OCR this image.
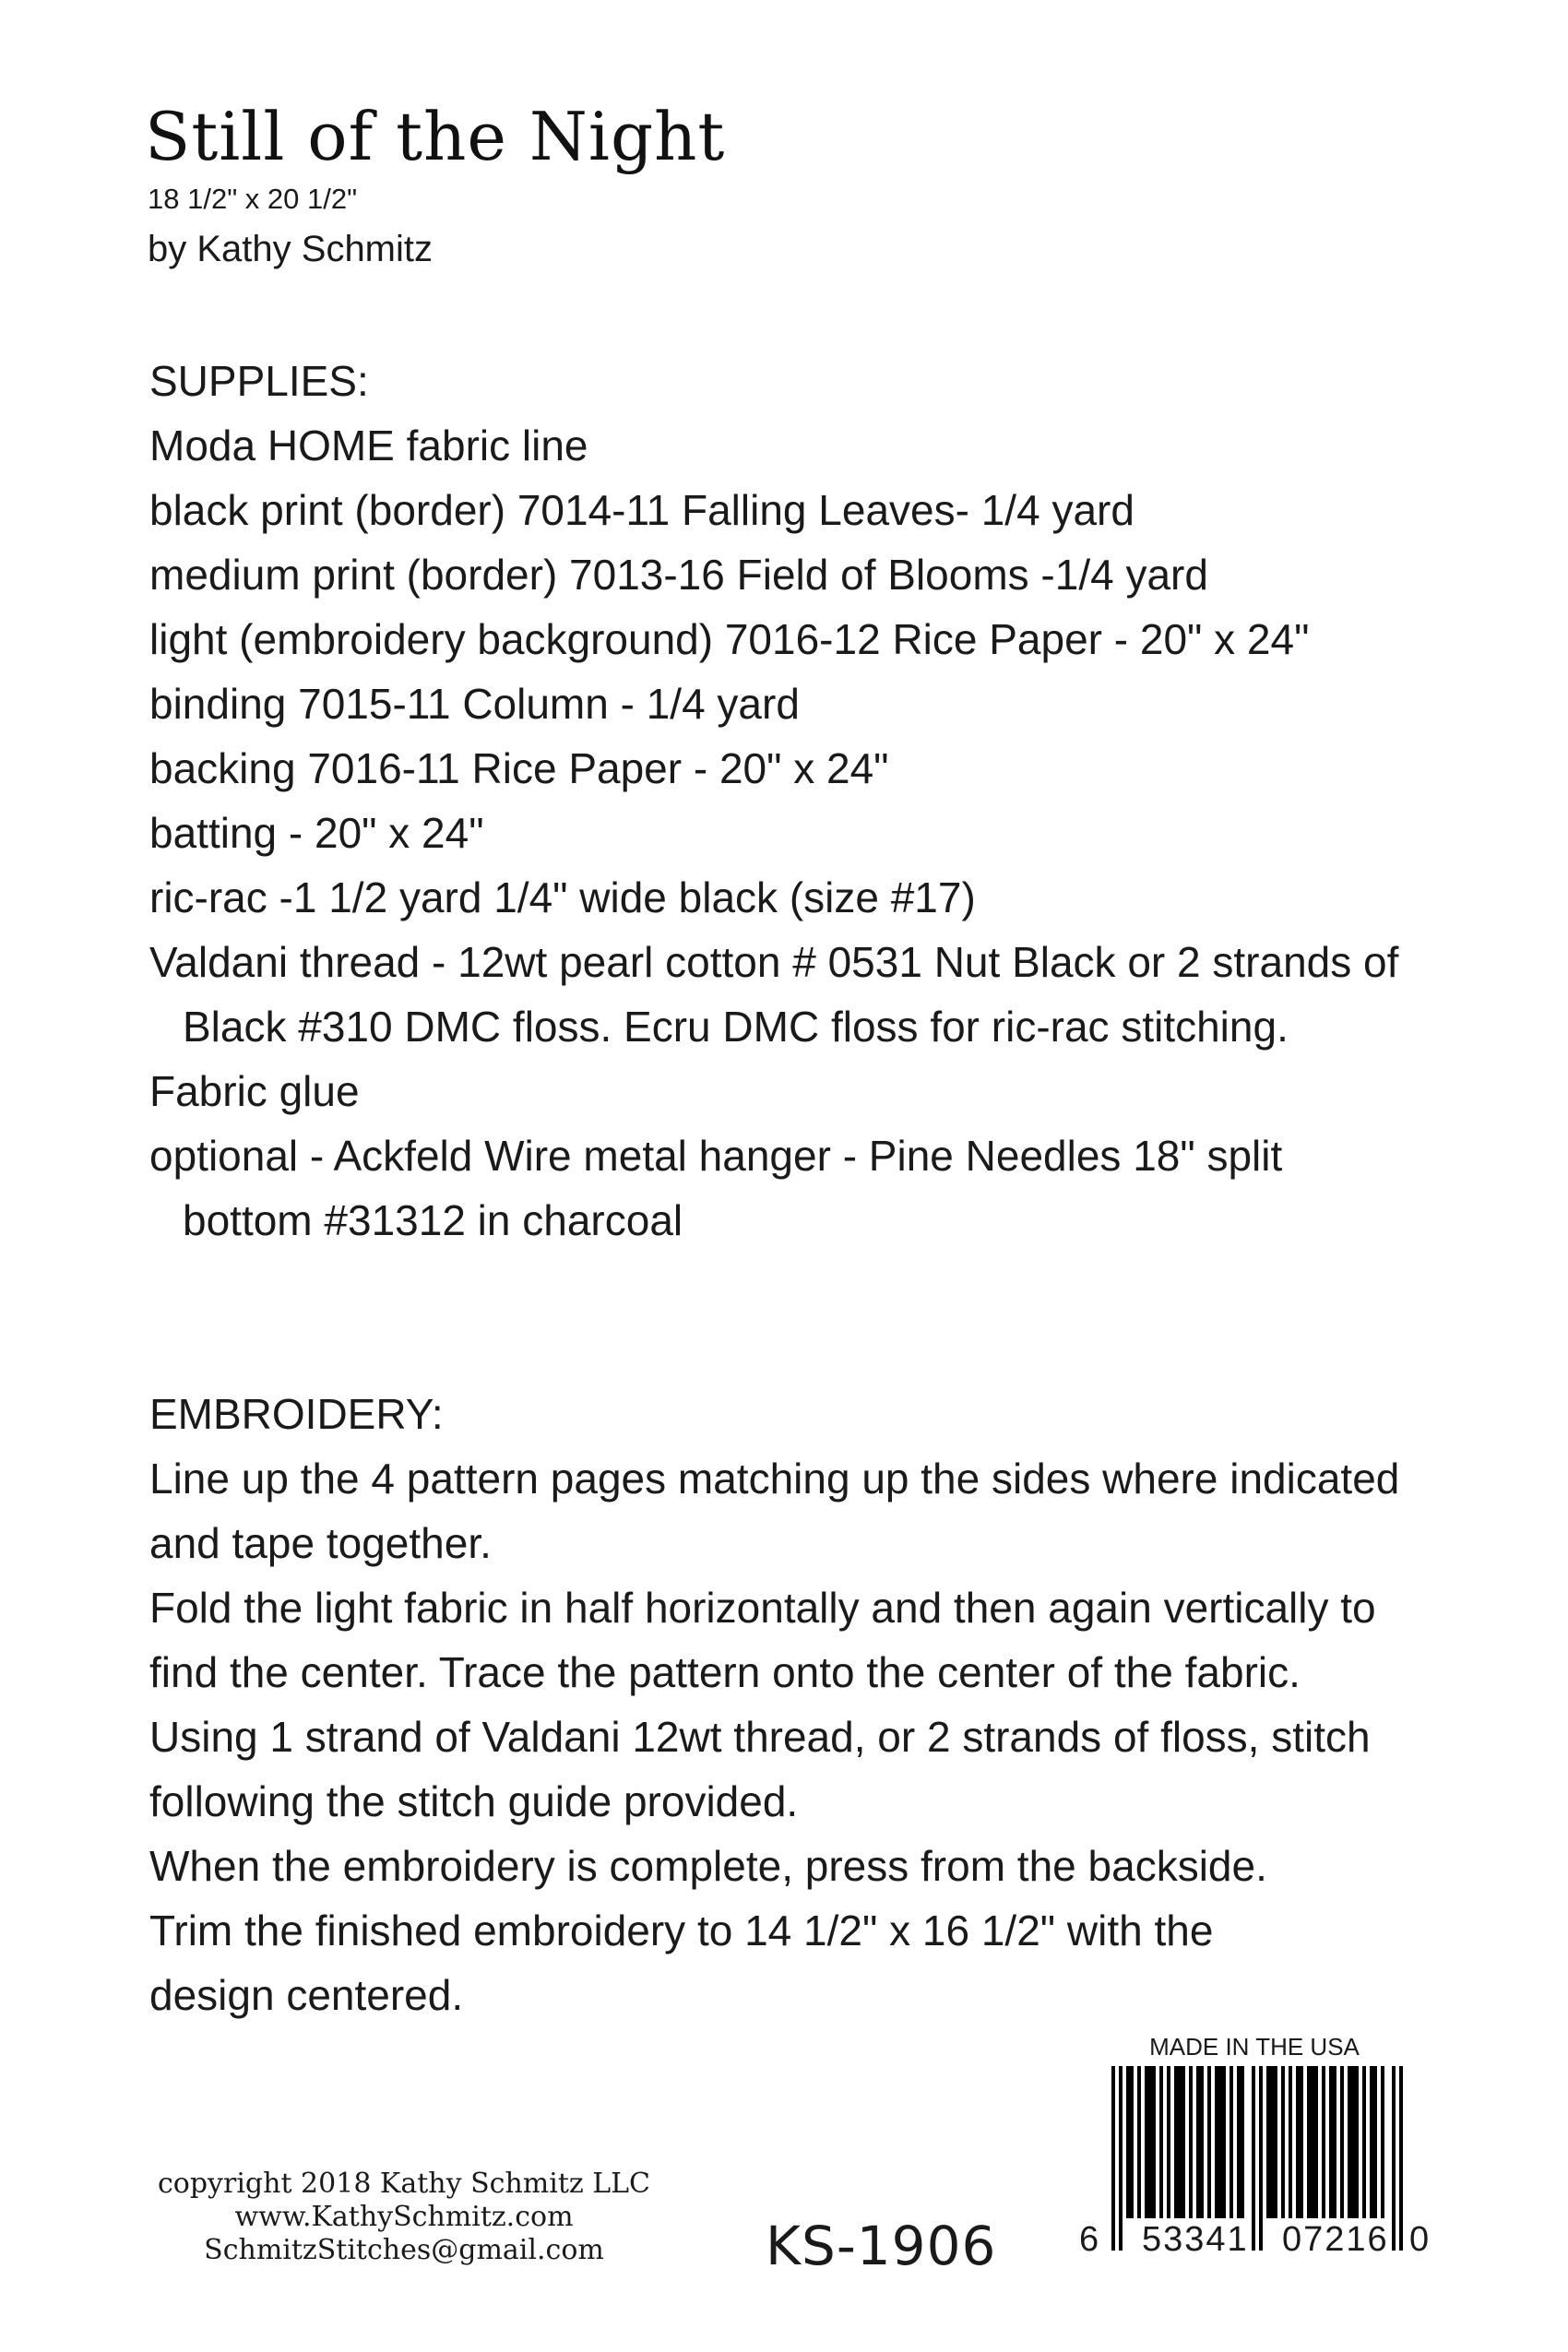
Still of the Night
18 1/2" x 20 1/2"
by Kathy Schmitz
SUPPLIES:
Moda HOME fabric line
black print (border) 7014-11 Falling Leaves- 1/4 yard
medium print (border) 7013-16 Field of Blooms -1/4 yard
light (embroidery background) 7016-12 Rice Paper - 20" x 24"
binding 7015-11 Column - 1/4 yard
backing 7016-11 Rice Paper - 20" x 24"
batting - 20" x 24"
ric-rac -1 1/2 yard 1/4" wide black (size #17)
Valdani thread - 12wt pearl cotton # 0531 Nut Black or 2 strands of
Black #310 DMC floss. Ecru DMC floss for ric-rac stitching.
Fabric glue
optional - Ackfeld Wire metal hanger - Pine Needles 18" split
bottom #31312 in charcoal
EMBROIDERY:
Line up the 4 pattern pages matching up the sides where indicated
and tape together.
Fold the light fabric in half horizontally and then again vertically to
find the center. Trace the pattern onto the center of the fabric.
Using 1 strand of Valdani 12wt thread, or 2 strands of floss, stitch
following the stitch guide provided.
When the embroidery is complete, press from the backside.
Trim the finished embroidery to 14 1/2" x 16 1/2" with the
design centered.
copyright 2018 Kathy Schmitz LLC
www.KathySchmitz.com
SchmitzStitches@gmail.com	KS-1906
MADE IN THE USA
6 53341 07216 0
